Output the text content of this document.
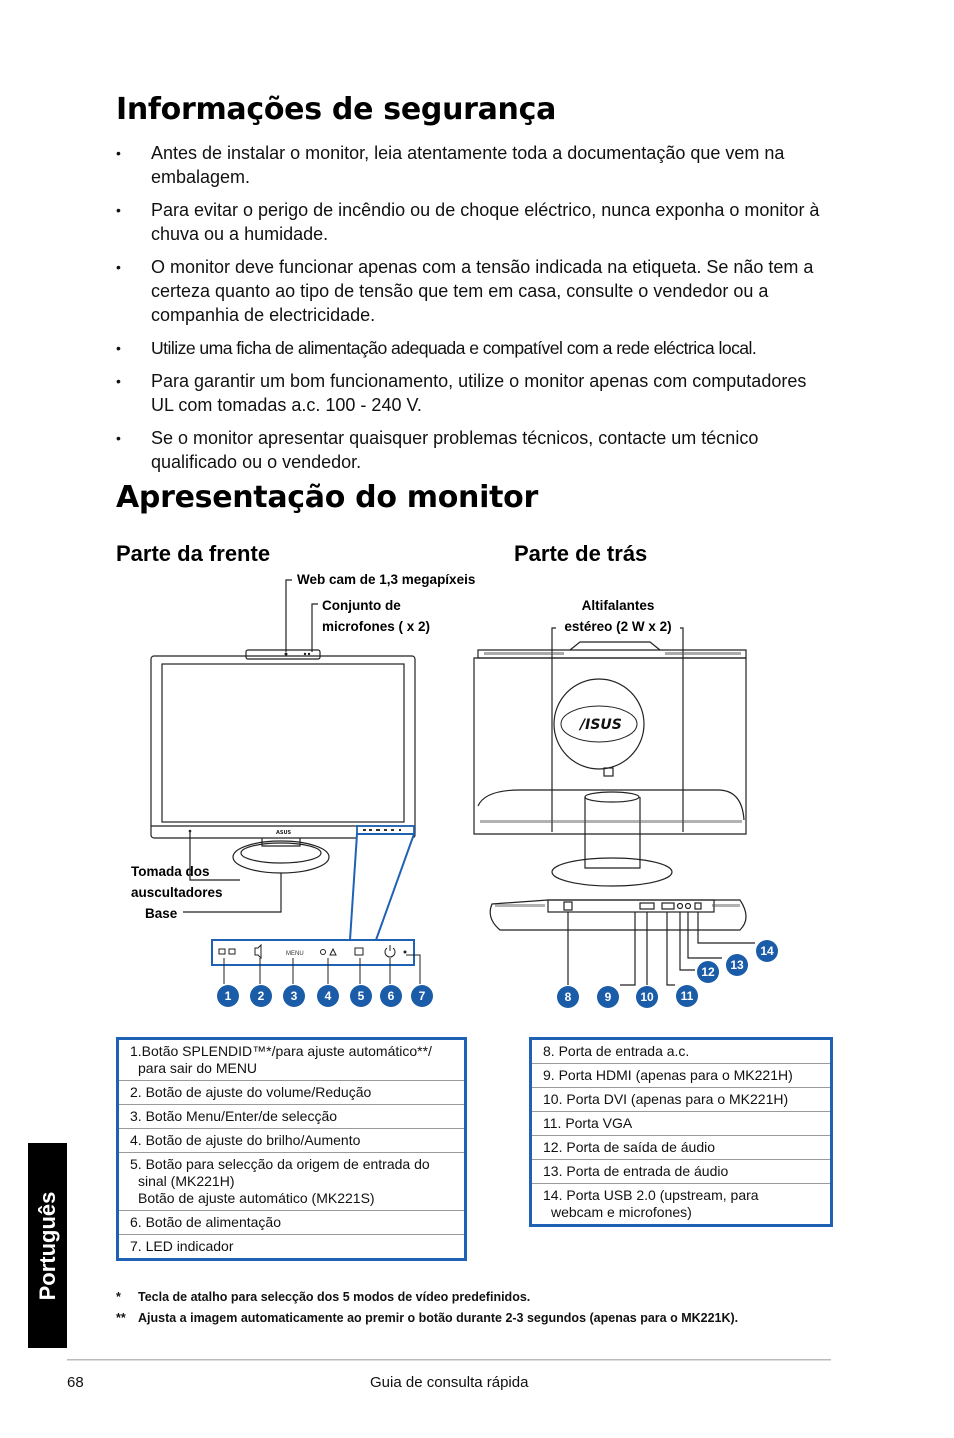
Informações de segurança
• Antes de instalar o monitor, leia atentamente toda a documentação que vem na embalagem.
• Para evitar o perigo de incêndio ou de choque eléctrico, nunca exponha o monitor à chuva ou a humidade.
• O monitor deve funcionar apenas com a tensão indicada na etiqueta. Se não tem a certeza quanto ao tipo de tensão que tem em casa, consulte o vendedor ou a companhia de electricidade.
• Utilize uma ficha de alimentação adequada e compatível com a rede eléctrica local.
• Para garantir um bom funcionamento, utilize o monitor apenas com computadores UL com tomadas a.c. 100 - 240 V.
• Se o monitor apresentar quaisquer problemas técnicos, contacte um técnico qualificado ou o vendedor.
Apresentação do monitor
Parte da frente	Parte de trás
Web cam de 1,3 megapíxeis
Conjunto de
microfones ( x 2)
Tomada dos
auscultadores
Base
Altifalantes
estéreo (2 W x 2)
ASUS
MENU
1	2	3	4	5	6	7
/ISUS
8	9	10	11
12	13
14
1.Botão SPLENDID™*/para ajuste automático**/
para sair do MENU
2. Botão de ajuste do volume/Redução
3. Botão Menu/Enter/de selecção
4. Botão de ajuste do brilho/Aumento
5. Botão para selecção da origem de entrada do
sinal (MK221H)
Botão de ajuste automático (MK221S)
6. Botão de alimentação
7. LED indicador
8. Porta de entrada a.c.
9. Porta HDMI (apenas para o MK221H)
10. Porta DVI (apenas para o MK221H)
11. Porta VGA
12. Porta de saída de áudio
13. Porta de entrada de áudio
14. Porta USB 2.0 (upstream, para
webcam e microfones)
* Tecla de atalho para selecção dos 5 modos de vídeo predefinidos.
** Ajusta a imagem automaticamente ao premir o botão durante 2-3 segundos (apenas para o MK221K).
Português
68	Guia de consulta rápida
